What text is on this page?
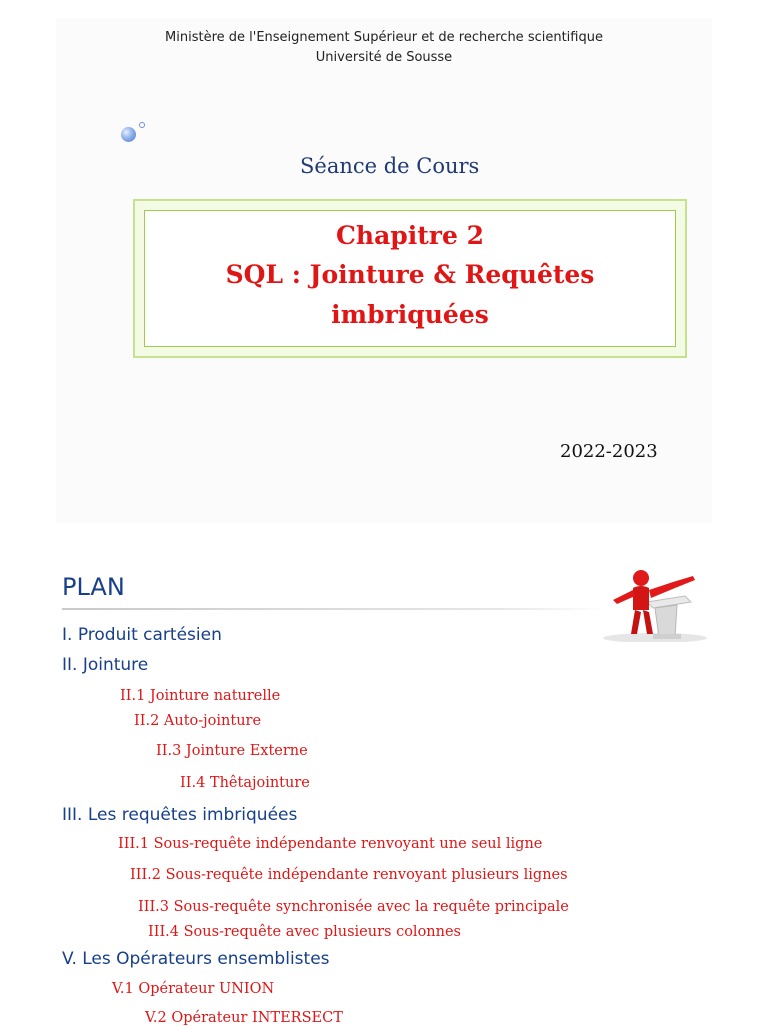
Ministère de l'Enseignement Supérieur et de recherche scientifique
Université de Sousse
Séance de Cours
Chapitre 2
SQL : Jointure & Requêtes
imbriquées
2022-2023
PLAN
I. Produit cartésien
II. Jointure
II.1 Jointure naturelle
II.2 Auto-jointure
II.3 Jointure Externe
II.4 Thêtajointure
III. Les requêtes imbriquées
III.1 Sous-requête indépendante renvoyant une seul ligne
III.2 Sous-requête indépendante renvoyant plusieurs lignes
III.3 Sous-requête synchronisée avec la requête principale
III.4 Sous-requête avec plusieurs colonnes
V. Les Opérateurs ensemblistes
V.1 Opérateur UNION
V.2 Opérateur INTERSECT
